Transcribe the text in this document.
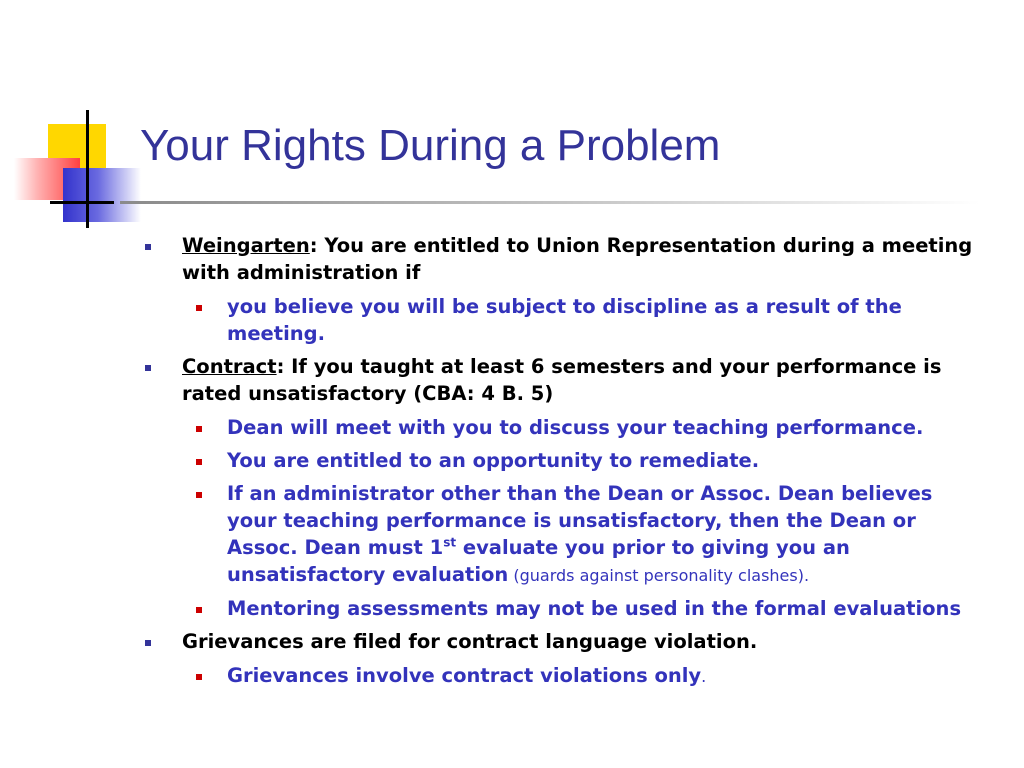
Your Rights During a Problem
Weingarten: You are entitled to Union Representation during a meeting with administration if
you believe you will be subject to discipline as a result of the meeting.
Contract: If you taught at least 6 semesters and your performance is rated unsatisfactory (CBA: 4 B. 5)
Dean will meet with you to discuss your teaching performance.
You are entitled to an opportunity to remediate.
If an administrator other than the Dean or Assoc. Dean believes your teaching performance is unsatisfactory, then the Dean or Assoc. Dean must 1st evaluate you prior to giving you an unsatisfactory evaluation (guards against personality clashes).
Mentoring assessments may not be used in the formal evaluations
Grievances are filed for contract language violation.
Grievances involve contract violations only.
